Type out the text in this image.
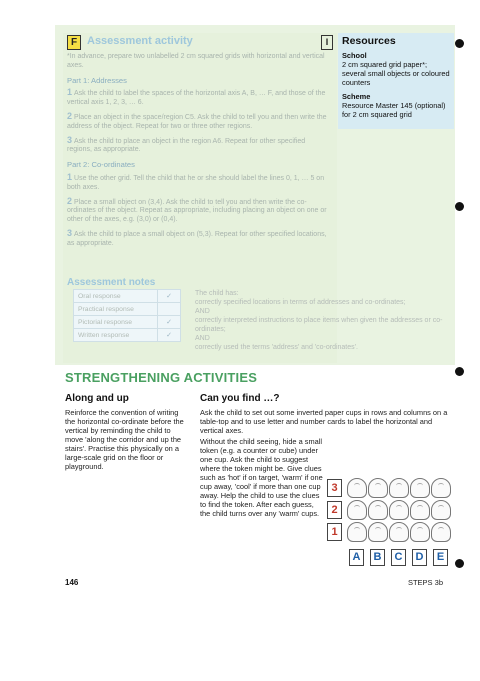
F Assessment activity	I	Resources
School
2 cm squared grid paper*; several small objects or coloured counters
Scheme
Resource Master 145 (optional) for 2 cm squared grid

*In advance, prepare two unlabelled 2 cm squared grids with horizontal and vertical axes.

Part 1: Addresses

1 Ask the child to label the spaces of the horizontal axis A, B, … F, and those of the vertical axis 1, 2, 3, … 6.

2 Place an object in the space/region C5. Ask the child to tell you and then write the address of the object. Repeat for two or three other regions.

3 Ask the child to place an object in the region A6. Repeat for other specified regions, as appropriate.

Part 2: Co-ordinates

1 Use the other grid. Tell the child that he or she should label the lines 0, 1, … 5 on both axes.

2 Place a small object on (3,4). Ask the child to tell you and then write the co-ordinates of the object. Repeat as appropriate, including placing an object on one or other of the axes, e.g. (3,0) or (0,4).

3 Ask the child to place a small object on (5,3). Repeat for other specified locations, as appropriate.

Assessment notes
Oral response	✓
Practical response	
Pictorial response	✓
Written response	✓

The child has:

correctly specified locations in terms of addresses and co-ordinates;

AND

correctly interpreted instructions to place items when given the addresses or co-ordinates;

AND

correctly used the terms 'address' and 'co-ordinates'.

STRENGTHENING ACTIVITIES
Along and up

Reinforce the convention of writing the horizontal co-ordinate before the vertical by reminding the child to move 'along the corridor and up the stairs'. Practise this physically on a large-scale grid on the floor or playground.

Can you find …?

Ask the child to set out some inverted paper cups in rows and columns on a table-top and to use letter and number cards to label the horizontal and vertical axes.

Without the child seeing, hide a small token (e.g. a counter or cube) under one cup. Ask the child to suggest where the token might be. Give clues such as 'hot' if on target, 'warm' if one cup away, 'cool' if more than one cup away. Help the child to use the clues to find the token. After each guess, the child turns over any 'warm' cups.

3
2
1
A	B	C	D	E
146	STEPS 3b
